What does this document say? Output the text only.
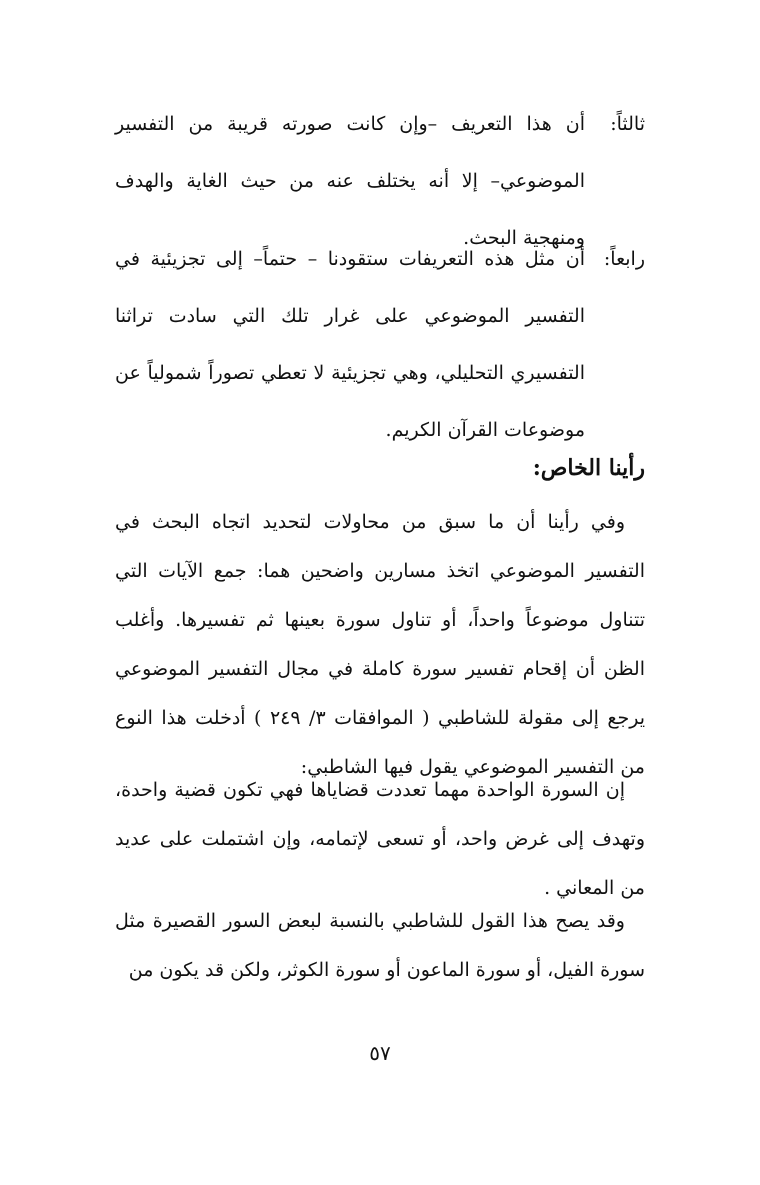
ثالثاً:
أن هذا التعريف –وإن كانت صورته قريبة من التفسير الموضوعي– إلا أنه يختلف عنه من حيث الغاية والهدف ومنهجية البحث.
رابعاً:
أن مثل هذه التعريفات ستقودنا – حتماً– إلى تجزيئية في التفسير الموضوعي على غرار تلك التي سادت تراثنا التفسيري التحليلي، وهي تجزيئية لا تعطي تصوراً شمولياً عن موضوعات القرآن الكريم.
رأينا الخاص:

وفي رأينا أن ما سبق من محاولات لتحديد اتجاه البحث في التفسير الموضوعي اتخذ مسارين واضحين هما: جمع الآيات التي تتناول موضوعاً واحداً، أو تناول سورة بعينها ثم تفسيرها. وأغلب الظن أن إقحام تفسير سورة كاملة في مجال التفسير الموضوعي يرجع إلى مقولة للشاطبي ( الموافقات ٣/ ٢٤٩ ) أدخلت هذا النوع من التفسير الموضوعي يقول فيها الشاطبي:

إن السورة الواحدة مهما تعددت قضاياها فهي تكون قضية واحدة، وتهدف إلى غرض واحد، أو تسعى لإتمامه، وإن اشتملت على عديد من المعاني .

وقد يصح هذا القول للشاطبي بالنسبة لبعض السور القصيرة مثل سورة الفيل، أو سورة الماعون أو سورة الكوثر، ولكن قد يكون من

٥٧
